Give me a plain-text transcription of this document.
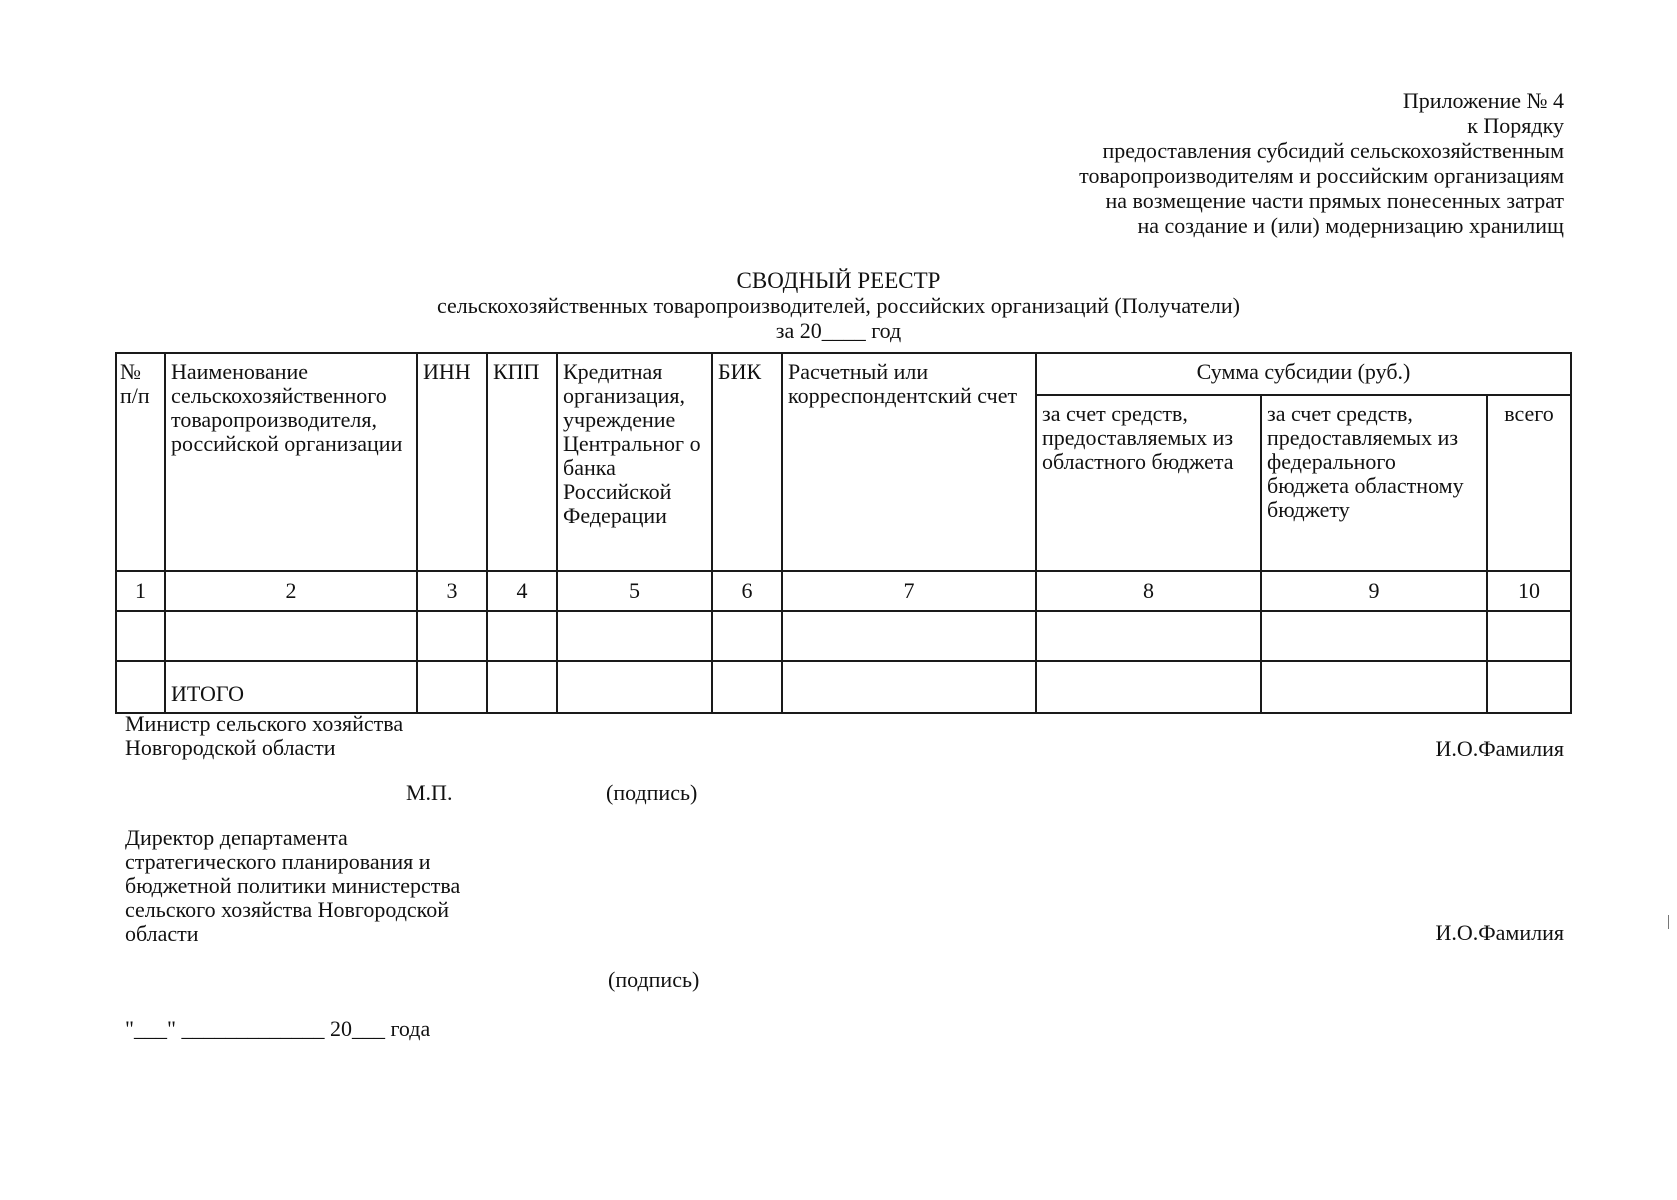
Приложение № 4
к Порядку
предоставления субсидий сельскохозяйственным
товаропроизводителям и российским организациям
на возмещение части прямых понесенных затрат
на создание и (или) модернизацию хранилищ
СВОДНЫЙ РЕЕСТР
сельскохозяйственных товаропроизводителей, российских организаций (Получатели)
за 20____ год
№ п/п	Наименование сельскохозяйственного товаропроизводителя, российской организации	ИНН	КПП	Кредитная организация, учреждение Центральног о банка Российской Федерации	БИК	Расчетный или корреспондентский счет	Сумма субсидии (руб.)		
							за счет средств, предоставляемых из областного бюджета	за счет средств, предоставляемых из федерального бюджета областному бюджету	всего
1	2	3	4	5	6	7	8	9	10

	ИТОГО								
Министр сельского хозяйства
Новгородской области	И.О.Фамилия
М.П.	(подпись)
Директор департамента
стратегического планирования и
бюджетной политики министерства
сельского хозяйства Новгородской
области	И.О.Фамилия
(подпись)
"___" _____________ 20___ года
